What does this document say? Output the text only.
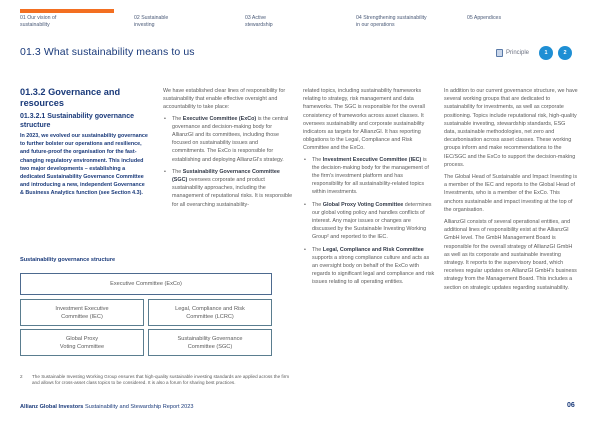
01 Our vision of
sustainability
02 Sustainable
investing
03 Active
stewardship
04 Strengthening sustainability
in our operations
05 Appendices
01.3 What sustainability means to us	Principle	1	2
01.3.2 Governance and resources
01.3.2.1 Sustainability governance structure
In 2023, we evolved our sustainability governance to further bolster our operations and resilience, and future-proof the organisation for the fast-changing regulatory environment. This included two major developments – establishing a dedicated Sustainability Governance Committee and introducing a new, independent Governance & Business Analytics function (see Section 4.3).

We have established clear lines of responsibility for sustainability that enable effective oversight and accountability to take place:

• The Executive Committee (ExCo) is the central governance and decision-making body for AllianzGI and its committees, including those focused on sustainability issues and commitments. The ExCo is responsible for establishing and deploying AllianzGI's strategy.
• The Sustainability Governance Committee (SGC) oversees corporate and product sustainability approaches, including the management of reputational risks. It is responsible for all overarching sustainability-

related topics, including sustainability frameworks relating to strategy, risk management and data frameworks. The SGC is responsible for the overall consistency of frameworks across asset classes. It oversees sustainability and corporate sustainability indicators as targets for AllianzGI. It has reporting obligations to the Legal, Compliance and Risk Committee and the ExCo.

• The Investment Executive Committee (IEC) is the decision-making body for the management of the firm's investment platform and has responsibility for all sustainability-related topics within investments.
• The Global Proxy Voting Committee determines our global voting policy and handles conflicts of interest. Any major issues or changes are discussed by the Sustainable Investing Working Group² and reported to the IEC.
• The Legal, Compliance and Risk Committee supports a strong compliance culture and acts as an oversight body on behalf of the ExCo with regards to significant legal and compliance and risk issues relating to all operating entities.

In addition to our current governance structure, we have several working groups that are dedicated to sustainability for investments, as well as corporate positioning. Topics include reputational risk, high-quality sustainable investing, stewardship standards, ESG data, sustainable methodologies, net zero and decarbonisation across asset classes. These working groups inform and make recommendations to the IEC/SGC and the ExCo to support the decision-making process.

The Global Head of Sustainable and Impact Investing is a member of the IEC and reports to the Global Head of Investments, who is a member of the ExCo. This anchors sustainable and impact investing at the top of the organisation.

AllianzGI consists of several operational entities, and additional lines of responsibility exist at the AllianzGI GmbH level. The GmbH Management Board is responsible for the overall strategy of AllianzGI GmbH as well as its corporate and sustainable investing strategy. It reports to the supervisory board, which receives regular updates on AllianzGI GmbH's business strategy from the Management Board. This includes a section on strategic updates regarding sustainability.

Sustainability governance structure
Executive Committee (ExCo)
Investment Executive
Committee (IEC)
Legal, Compliance and Risk
Committee (LCRC)
Global Proxy
Voting Committee
Sustainability Governance
Committee (SGC)
2	The Sustainable Investing Working Group ensures that high-quality sustainable investing standards are applied across the firm and allows for cross-asset class topics to be considered. It is also a forum for sharing best practices.
Allianz Global Investors Sustainability and Stewardship Report 2023	06
